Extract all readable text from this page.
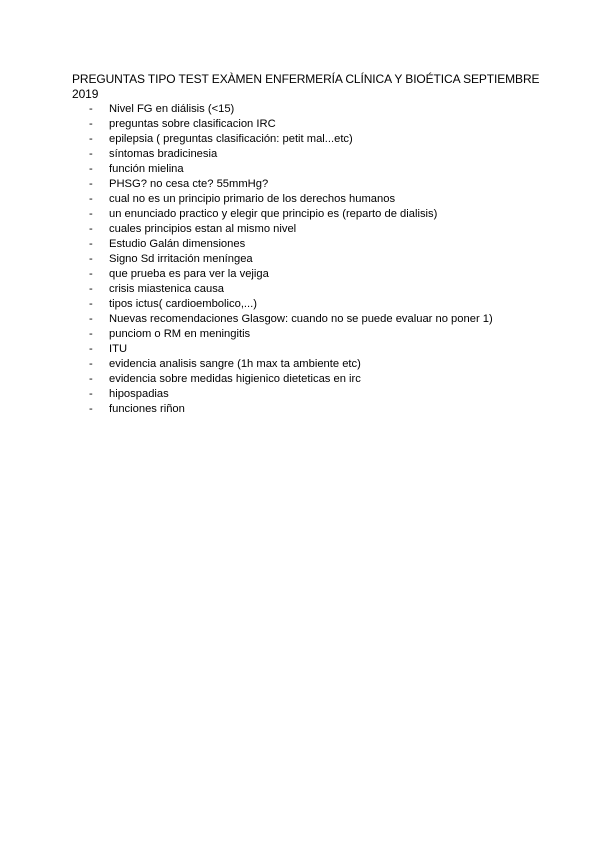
PREGUNTAS TIPO TEST EXÀMEN ENFERMERÍA CLÍNICA Y BIOÉTICA SEPTIEMBRE 2019

- Nivel FG en diálisis (<15)
- preguntas sobre clasificacion IRC
- epilepsia ( preguntas clasificación: petit mal...etc)
- síntomas bradicinesia
- función mielina
- PHSG? no cesa cte? 55mmHg?
- cual no es un principio primario de los derechos humanos
- un enunciado practico y elegir que principio es (reparto de dialisis)
- cuales principios estan al mismo nivel
- Estudio Galán dimensiones
- Signo Sd irritación meníngea
- que prueba es para ver la vejiga
- crisis miastenica causa
- tipos ictus( cardioembolico,...)
- Nuevas recomendaciones Glasgow: cuando no se puede evaluar no poner 1)
- punciom o RM en meningitis
- ITU
- evidencia analisis sangre (1h max ta ambiente etc)
- evidencia sobre medidas higienico dieteticas en irc
- hipospadias
- funciones riñon
